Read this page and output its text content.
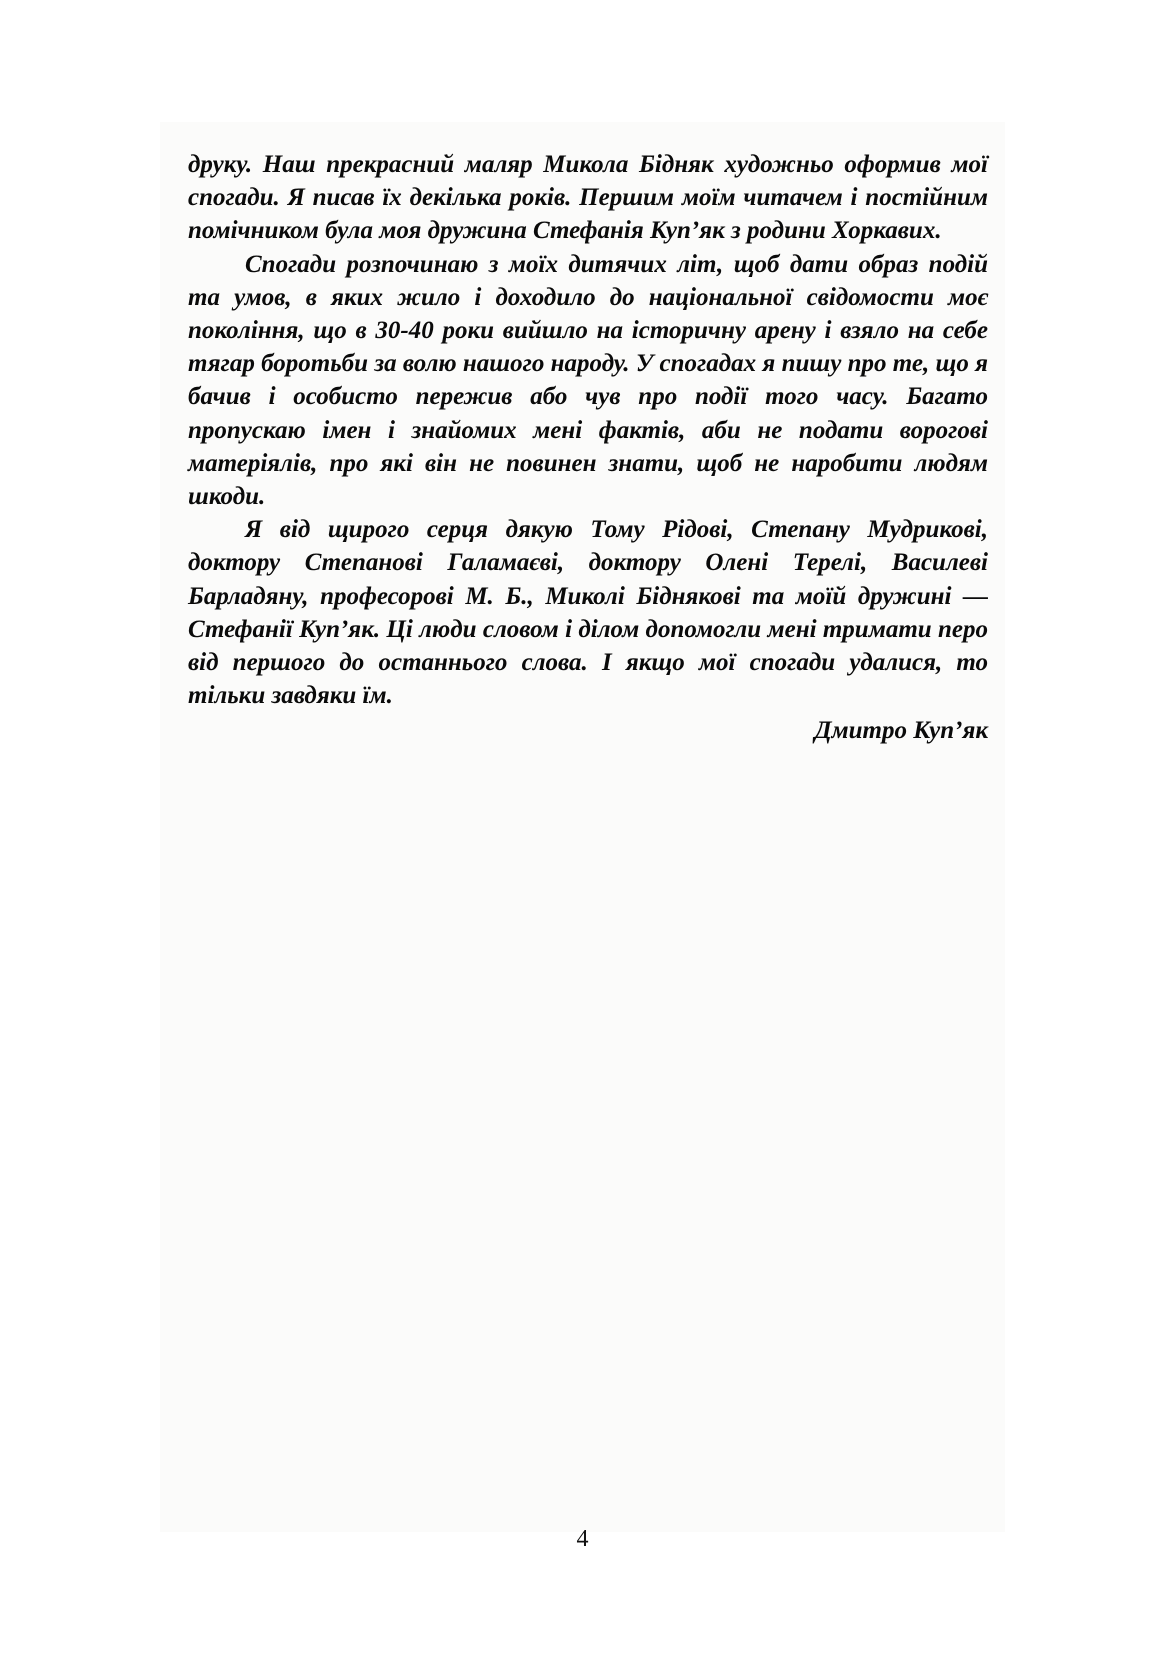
друку. Наш прекрасний маляр Микола Бідняк художньо оформив мої спогади. Я писав їх декілька років. Першим моїм читачем і постійним помічником була моя дружина Стефанія Куп’як з родини Хоркавих.

Спогади розпочинаю з моїх дитячих літ, щоб дати образ подій та умов, в яких жило і доходило до національної свідомости моє покоління, що в 30-40 роки вийшло на історичну арену і взяло на себе тягар боротьби за волю нашого народу. У спогадах я пишу про те, що я бачив і особисто пережив або чув про події того часу. Багато пропускаю імен і знайомих мені фактів, аби не подати ворогові матеріялів, про які він не повинен знати, щоб не наробити людям шкоди.

Я від щирого серця дякую Тому Рідові, Степану Мудрикові, доктору Степанові Галамаєві, доктору Олені Терелі, Василеві Барладяну, професорові М. Б., Миколі Біднякові та моїй дружині — Стефанії Куп’як. Ці люди словом і ділом допомогли мені тримати перо від першого до останнього слова. І якщо мої спогади удалися, то тільки завдяки їм.

Дмитро Куп’як

4
